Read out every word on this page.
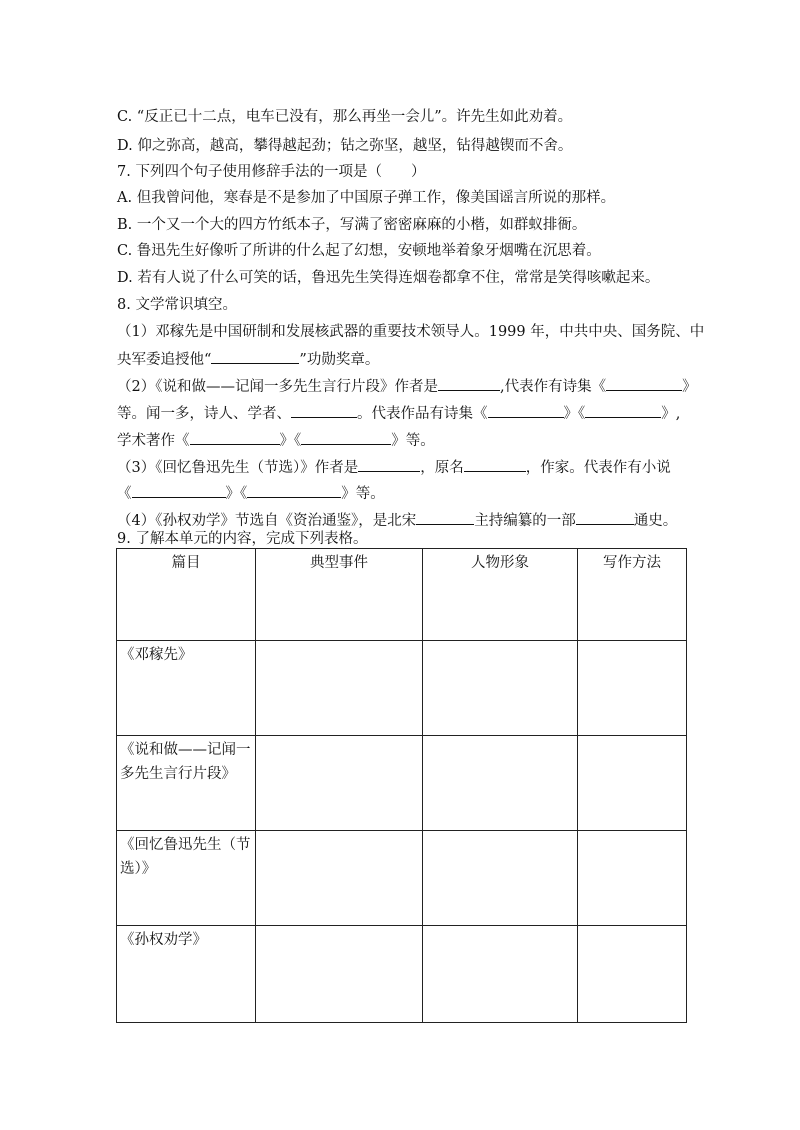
C. “反正已十二点，电车已没有，那么再坐一会儿”。许先生如此劝着。
D. 仰之弥高，越高，攀得越起劲；钻之弥坚，越坚，钻得越锲而不舍。
7. 下列四个句子使用修辞手法的一项是（　　）
A. 但我曾问他，寒春是不是参加了中国原子弹工作，像美国谣言所说的那样。
B. 一个又一个大的四方竹纸本子，写满了密密麻麻的小楷，如群蚁排衙。
C. 鲁迅先生好像听了所讲的什么起了幻想，安顿地举着象牙烟嘴在沉思着。
D. 若有人说了什么可笑的话，鲁迅先生笑得连烟卷都拿不住，常常是笑得咳嗽起来。
8. 文学常识填空。
（1）邓稼先是中国研制和发展核武器的重要技术领导人。1999 年，中共中央、国务院、中
央军委追授他“	”功勋奖章。
（2）《说和做——记闻一多先生言行片段》作者是	,代表作有诗集《	》
等。闻一多，诗人、学者、	。代表作品有诗集《	》《	》,
学术著作《	》《	》等。
（3）《回忆鲁迅先生（节选）》作者是	，原名	，作家。代表作有小说
《	》《	》等。
（4）《孙权劝学》节选自《资治通鉴》，是北宋	主持编纂的一部	通史。
9. 了解本单元的内容，完成下列表格。
篇目	典型事件	人物形象	写作方法

《邓稼先》			

《说和做——记闻一
多先生言行片段》			

《回忆鲁迅先生（节
选）》			

《孙权劝学》			
